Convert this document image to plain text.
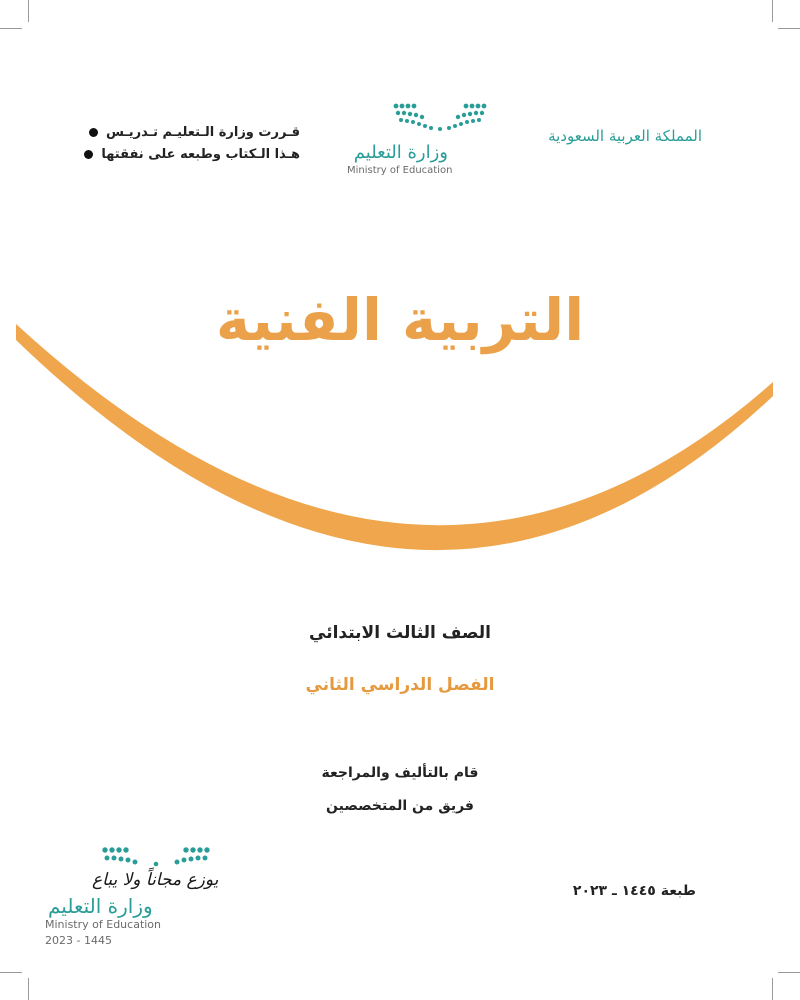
المملكة العربية السعودية
وزارة التعليم
Ministry of Education
قـررت وزارة الـتعليـم تـدريـس
هـذا الـكتاب وطبعه على نفقتها
التربية الفنية
الصف الثالث الابتدائي
الفصل الدراسي الثاني
قام بالتأليف والمراجعة
فريق من المتخصصين
طبعة ١٤٤٥ ـ ٢٠٢٣
يوزع مجاناً ولا يباع
وزارة التعليم
Ministry of Education
2023 - 1445
